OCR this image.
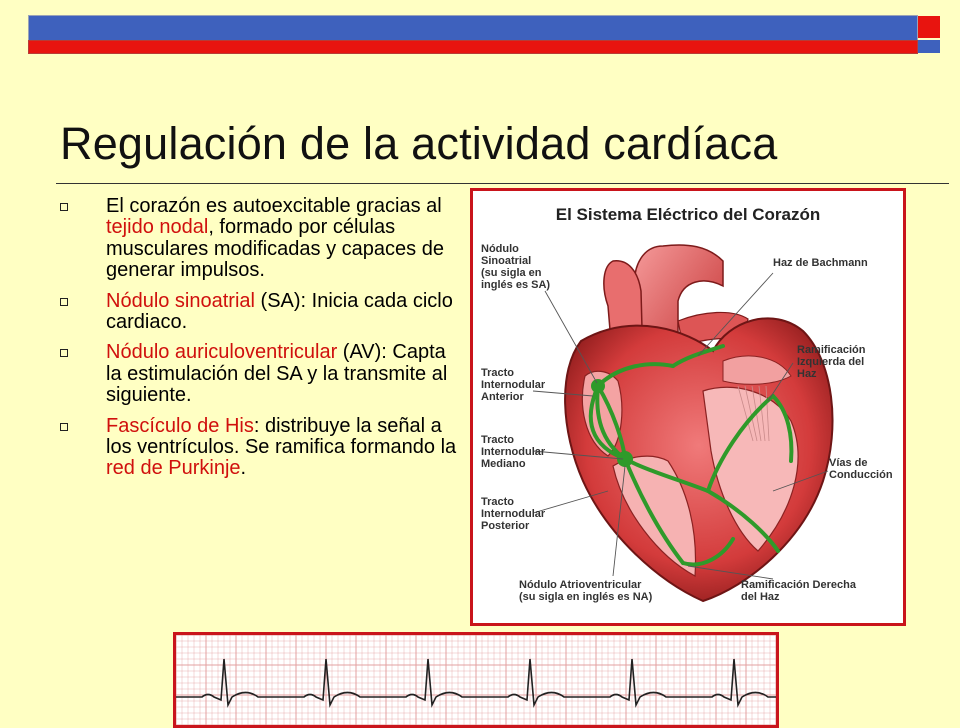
Regulación de la actividad cardíaca
El corazón es autoexcitable gracias al tejido nodal, formado por células musculares modificadas y capaces de generar impulsos.
Nódulo sinoatrial (SA): Inicia cada ciclo cardiaco.
Nódulo auriculoventricular (AV): Capta la estimulación del SA y la transmite al siguiente.
Fascículo de His: distribuye la señal a los ventrículos. Se ramifica formando la red de Purkinje.
El Sistema Eléctrico del Corazón
Nódulo
Sinoatrial
(su sigla en
inglés es SA)
Haz de Bachmann
Tracto
Internodular
Anterior
Ramificación
Izquierda del
Haz
Tracto
Internodular
Mediano	Vías de
Conducción
Tracto
Internodular
Posterior
Nódulo Atrioventricular
(su sigla en inglés es NA)
Ramificación Derecha
del Haz
